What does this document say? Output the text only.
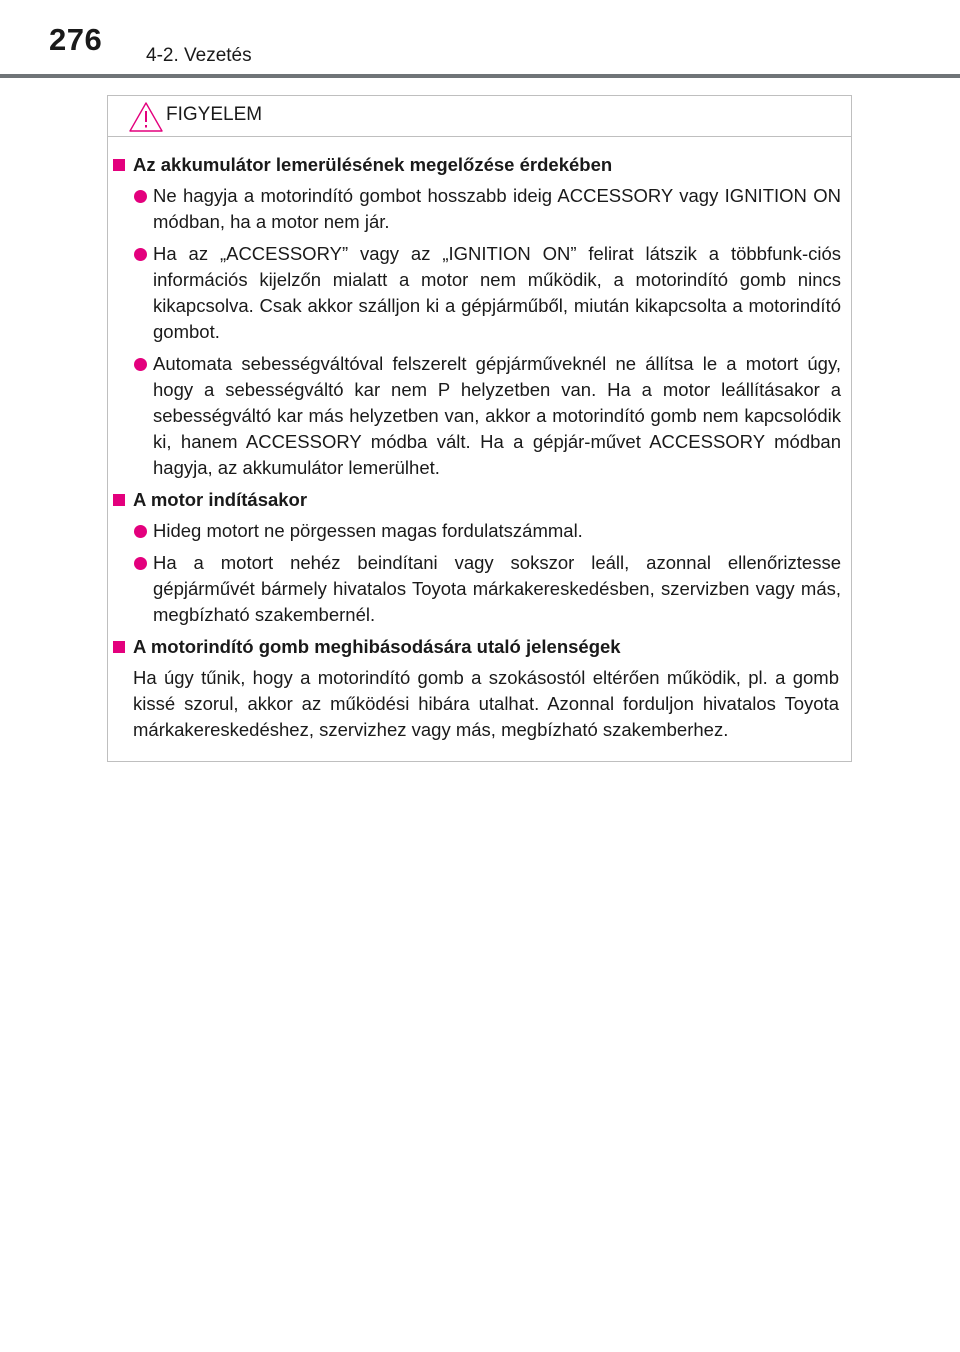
276 4-2. Vezetés
FIGYELEM
Az akkumulátor lemerülésének megelőzése érdekében
Ne hagyja a motorindító gombot hosszabb ideig ACCESSORY vagy IGNITION ON módban, ha a motor nem jár.
Ha az „ACCESSORY” vagy az „IGNITION ON” felirat látszik a többfunk-ciós információs kijelzőn mialatt a motor nem működik, a motorindító gomb nincs kikapcsolva. Csak akkor szálljon ki a gépjárműből, miután kikapcsolta a motorindító gombot.
Automata sebességváltóval felszerelt gépjárműveknél ne állítsa le a motort úgy, hogy a sebességváltó kar nem P helyzetben van. Ha a motor leállításakor a sebességváltó kar más helyzetben van, akkor a motorindító gomb nem kapcsolódik ki, hanem ACCESSORY módba vált. Ha a gépjár-művet ACCESSORY módban hagyja, az akkumulátor lemerülhet.
A motor indításakor
Hideg motort ne pörgessen magas fordulatszámmal.
Ha a motort nehéz beindítani vagy sokszor leáll, azonnal ellenőriztesse gépjárművét bármely hivatalos Toyota márkakereskedésben, szervizben vagy más, megbízható szakembernél.
A motorindító gomb meghibásodására utaló jelenségek
Ha úgy tűnik, hogy a motorindító gomb a szokásostól eltérően működik, pl. a gomb kissé szorul, akkor az működési hibára utalhat. Azonnal forduljon hivatalos Toyota márkakereskedéshez, szervizhez vagy más, megbízható szakemberhez.
